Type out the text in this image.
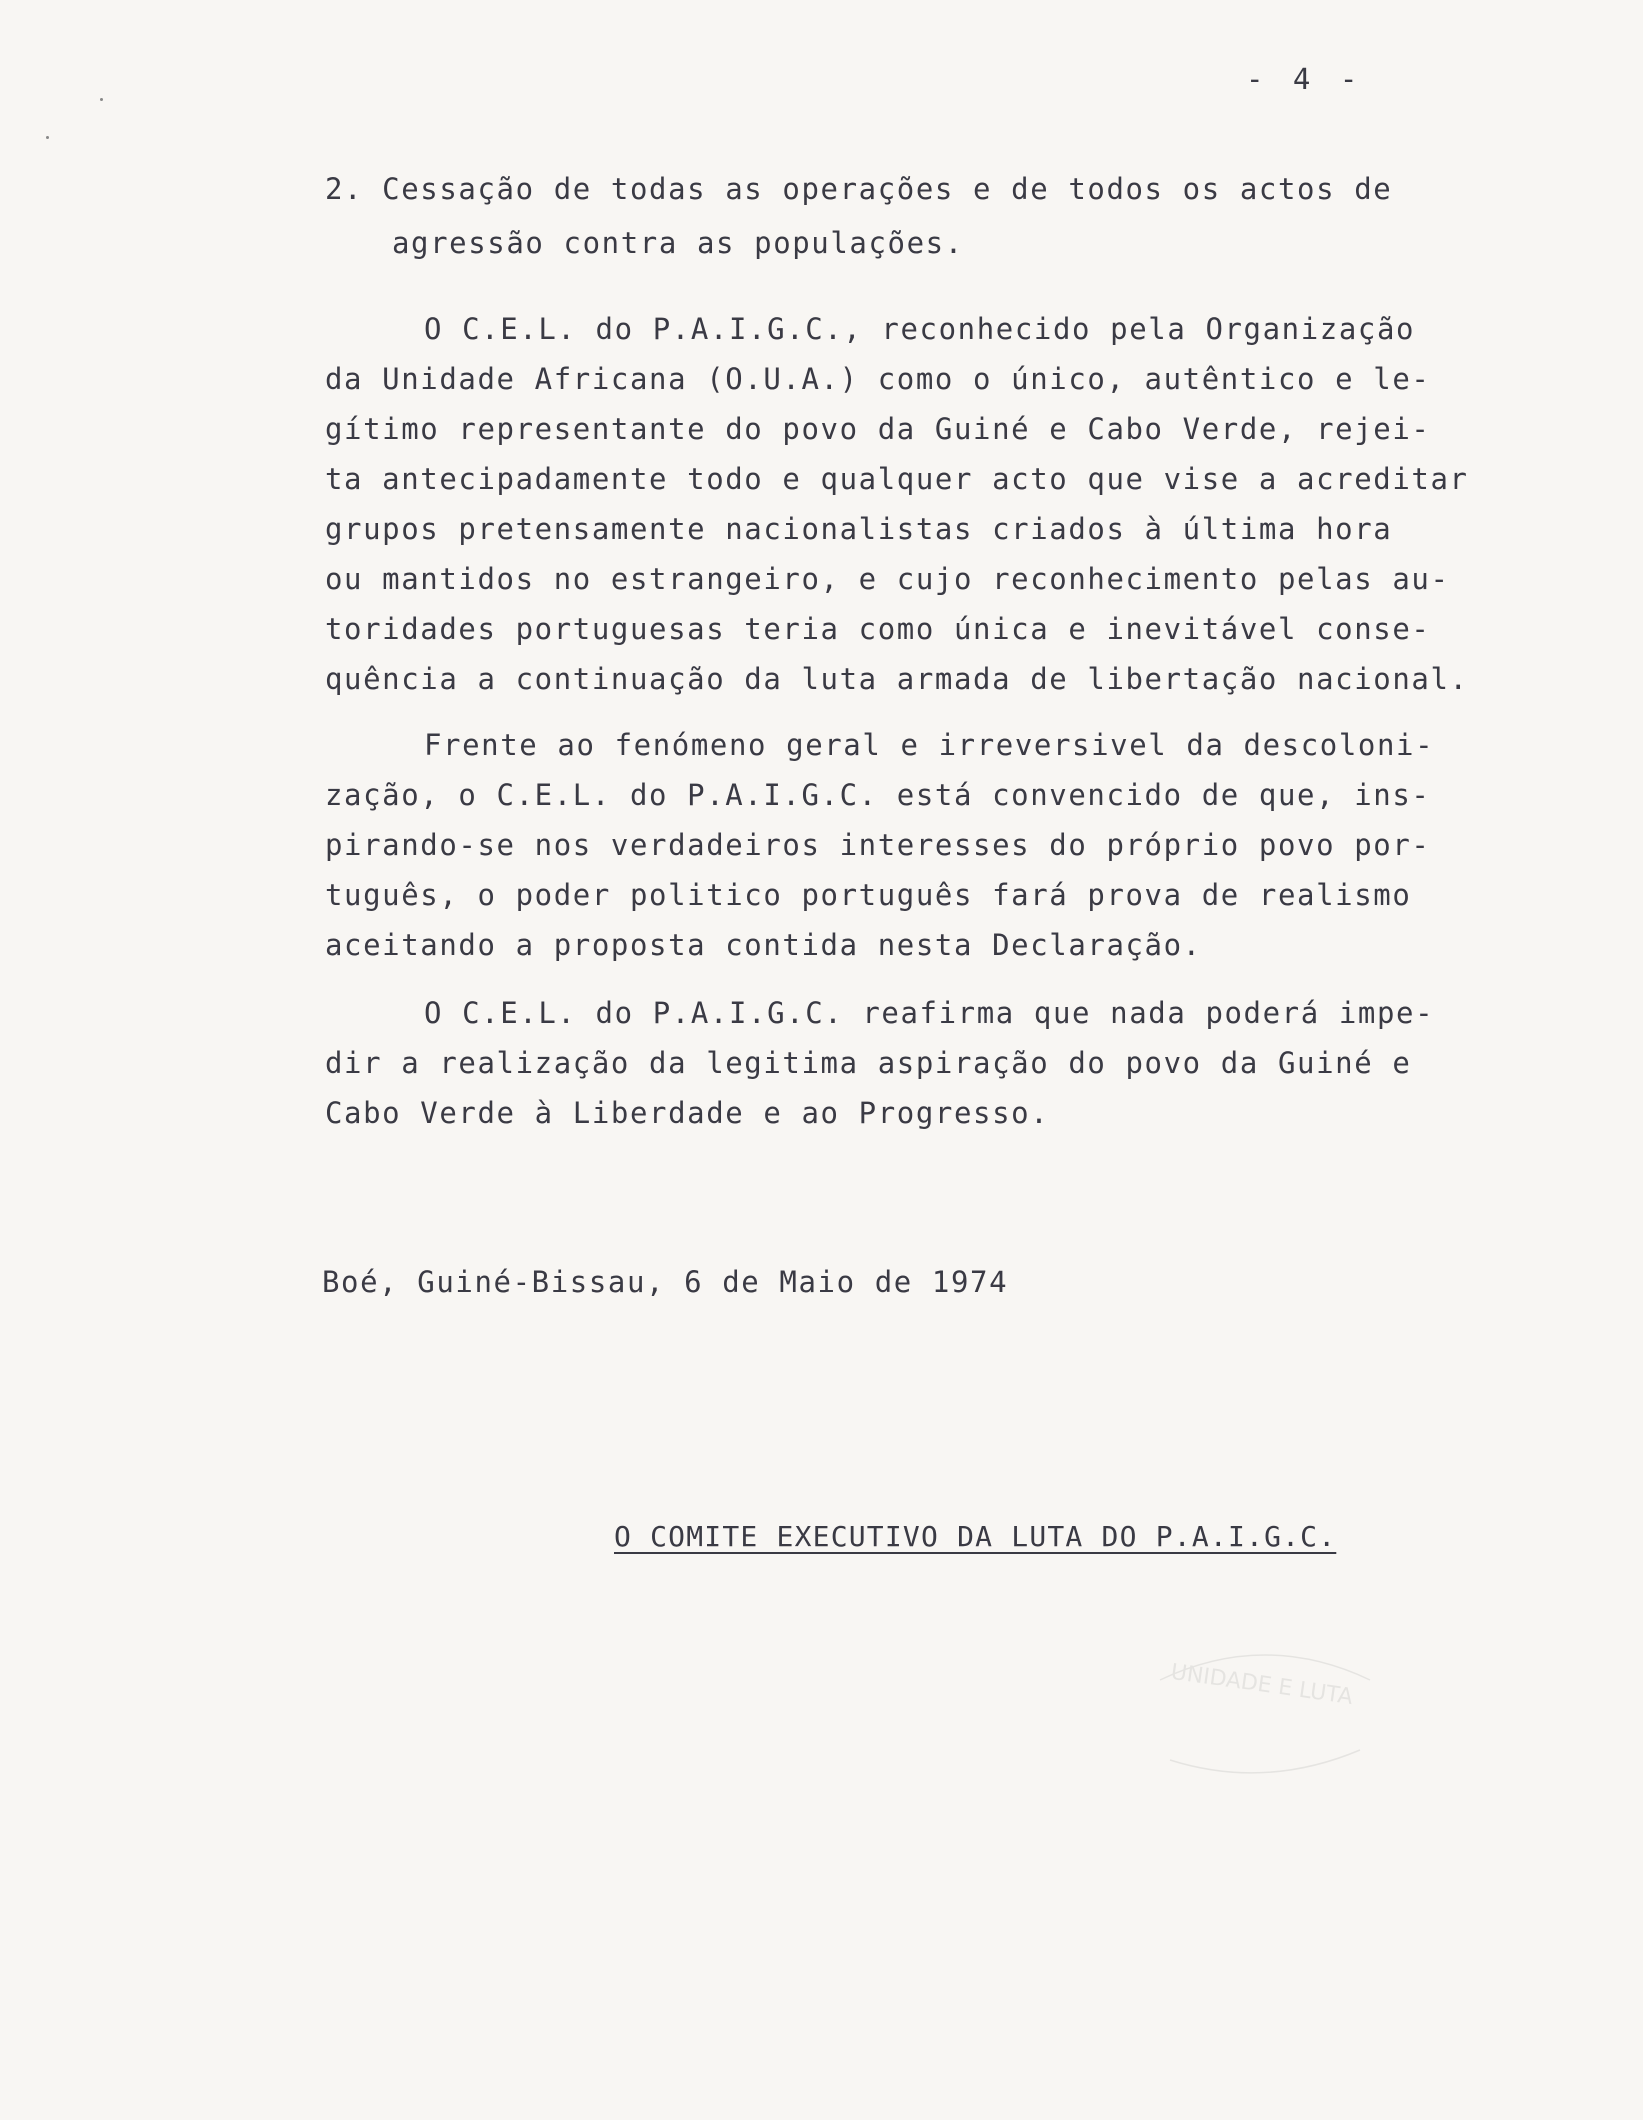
- 4 -
2. Cessação de todas as operações e de todos os actos de
agressão contra as populações.
O C.E.L. do P.A.I.G.C., reconhecido pela Organização
da Unidade Africana (O.U.A.) como o único, autêntico e le-
gítimo representante do povo da Guiné e Cabo Verde, rejei-
ta antecipadamente todo e qualquer acto que vise a acreditar
grupos pretensamente nacionalistas criados à última hora
ou mantidos no estrangeiro, e cujo reconhecimento pelas au-
toridades portuguesas teria como única e inevitável conse-
quência a continuação da luta armada de libertação nacional.
Frente ao fenómeno geral e irreversivel da descoloni-
zação, o C.E.L. do P.A.I.G.C. está convencido de que, ins-
pirando-se nos verdadeiros interesses do próprio povo por-
tuguês, o poder politico português fará prova de realismo
aceitando a proposta contida nesta Declaração.
O C.E.L. do P.A.I.G.C. reafirma que nada poderá impe-
dir a realização da legitima aspiração do povo da Guiné e
Cabo Verde à Liberdade e ao Progresso.
Boé, Guiné-Bissau, 6 de Maio de 1974
O COMITE EXECUTIVO DA LUTA DO P.A.I.G.C.
UNIDADE E LUTA
